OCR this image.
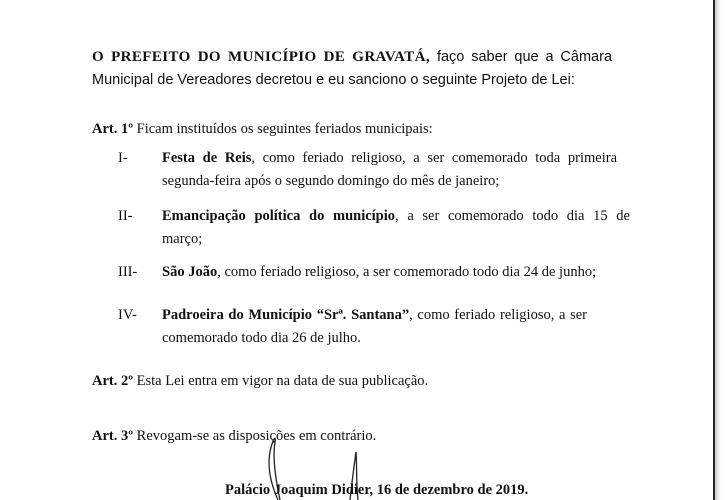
O PREFEITO DO MUNICÍPIO DE GRAVATÁ, faço saber que a Câmara
Municipal de Vereadores decretou e eu sanciono o seguinte Projeto de Lei:
Art. 1º Ficam instituídos os seguintes feriados municipais:
I- Festa de Reis, como feriado religioso, a ser comemorado toda primeira
segunda-feira após o segundo domingo do mês de janeiro;
II- Emancipação política do município, a ser comemorado todo dia 15 de
março;
III- São João, como feriado religioso, a ser comemorado todo dia 24 de junho;
IV- Padroeira do Município “Srª. Santana”, como feriado religioso, a ser
comemorado todo dia 26 de julho.
Art. 2º Esta Lei entra em vigor na data de sua publicação.
Art. 3º Revogam-se as disposições em contrário.
Palácio Joaquim Didier, 16 de dezembro de 2019.
